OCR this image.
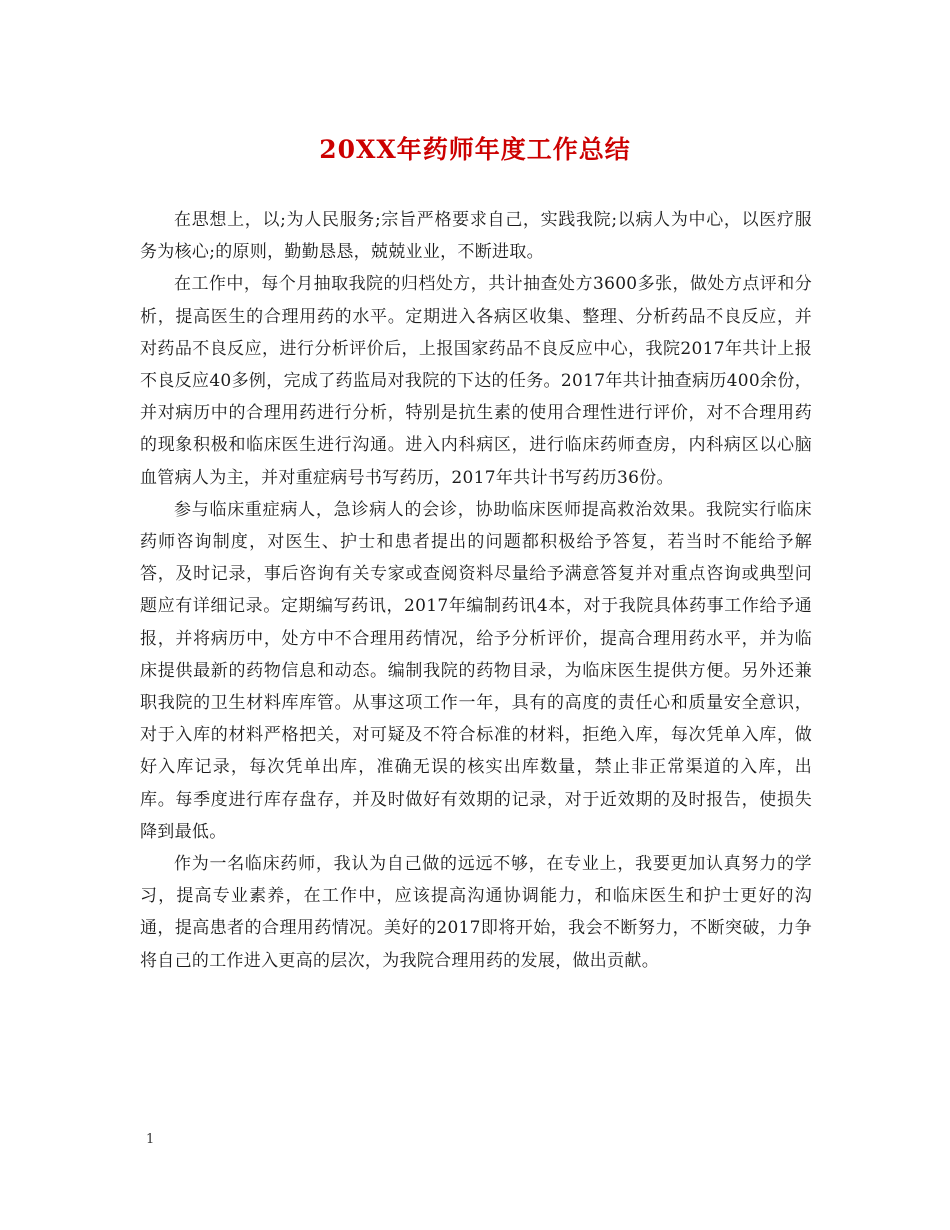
20XX年药师年度工作总结

在思想上，以;为人民服务;宗旨严格要求自己，实践我院;以病人为中心，以医疗服务为核心;的原则，勤勤恳恳，兢兢业业，不断进取。

在工作中，每个月抽取我院的归档处方，共计抽查处方3600多张，做处方点评和分析，提高医生的合理用药的水平。定期进入各病区收集、整理、分析药品不良反应，并对药品不良反应，进行分析评价后，上报国家药品不良反应中心，我院2017年共计上报不良反应40多例，完成了药监局对我院的下达的任务。2017年共计抽查病历400余份，并对病历中的合理用药进行分析，特别是抗生素的使用合理性进行评价，对不合理用药的现象积极和临床医生进行沟通。进入内科病区，进行临床药师查房，内科病区以心脑血管病人为主，并对重症病号书写药历，2017年共计书写药历36份。

参与临床重症病人，急诊病人的会诊，协助临床医师提高救治效果。我院实行临床药师咨询制度，对医生、护士和患者提出的问题都积极给予答复，若当时不能给予解答，及时记录，事后咨询有关专家或查阅资料尽量给予满意答复并对重点咨询或典型问题应有详细记录。定期编写药讯，2017年编制药讯4本，对于我院具体药事工作给予通报，并将病历中，处方中不合理用药情况，给予分析评价，提高合理用药水平，并为临床提供最新的药物信息和动态。编制我院的药物目录，为临床医生提供方便。另外还兼职我院的卫生材料库库管。从事这项工作一年，具有的高度的责任心和质量安全意识，对于入库的材料严格把关，对可疑及不符合标准的材料，拒绝入库，每次凭单入库，做好入库记录，每次凭单出库，准确无误的核实出库数量，禁止非正常渠道的入库，出库。每季度进行库存盘存，并及时做好有效期的记录，对于近效期的及时报告，使损失降到最低。

作为一名临床药师，我认为自己做的远远不够，在专业上，我要更加认真努力的学习，提高专业素养，在工作中，应该提高沟通协调能力，和临床医生和护士更好的沟通，提高患者的合理用药情况。美好的2017即将开始，我会不断努力，不断突破，力争将自己的工作进入更高的层次，为我院合理用药的发展，做出贡献。

1
